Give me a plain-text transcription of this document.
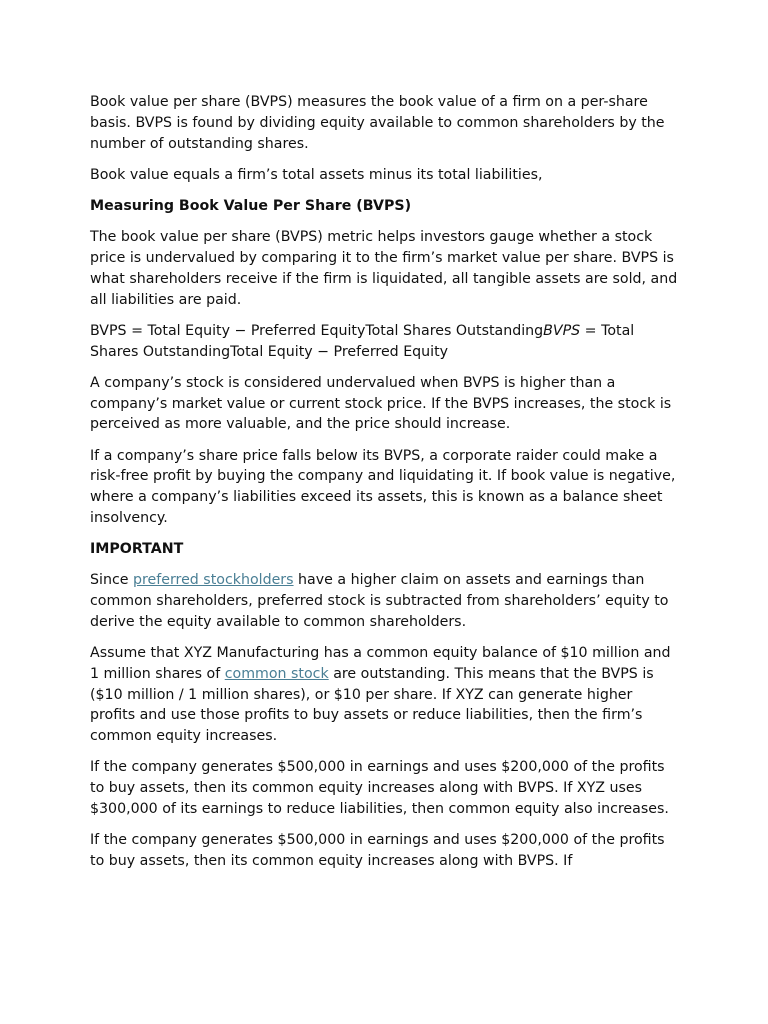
Book value per share (BVPS) measures the book value of a firm on a per-share basis. BVPS is found by dividing equity available to common shareholders by the number of outstanding shares.

Book value equals a firm’s total assets minus its total liabilities,

Measuring Book Value Per Share (BVPS)

The book value per share (BVPS) metric helps investors gauge whether a stock price is undervalued by comparing it to the firm’s market value per share. BVPS is what shareholders receive if the firm is liquidated, all tangible assets are sold, and all liabilities are paid.

BVPS = Total Equity − Preferred EquityTotal Shares OutstandingBVPS = Total Shares OutstandingTotal Equity − Preferred Equity

A company’s stock is considered undervalued when BVPS is higher than a company’s market value or current stock price. If the BVPS increases, the stock is perceived as more valuable, and the price should increase.

If a company’s share price falls below its BVPS, a corporate raider could make a risk-free profit by buying the company and liquidating it. If book value is negative, where a company’s liabilities exceed its assets, this is known as a balance sheet insolvency.

IMPORTANT

Since preferred stockholders have a higher claim on assets and earnings than common shareholders, preferred stock is subtracted from shareholders’ equity to derive the equity available to common shareholders.

Assume that XYZ Manufacturing has a common equity balance of $10 million and 1 million shares of common stock are outstanding. This means that the BVPS is ($10 million / 1 million shares), or $10 per share. If XYZ can generate higher profits and use those profits to buy assets or reduce liabilities, then the firm’s common equity increases.

If the company generates $500,000 in earnings and uses $200,000 of the profits to buy assets, then its common equity increases along with BVPS. If XYZ uses $300,000 of its earnings to reduce liabilities, then common equity also increases.

If the company generates $500,000 in earnings and uses $200,000 of the profits to buy assets, then its common equity increases along with BVPS. If
